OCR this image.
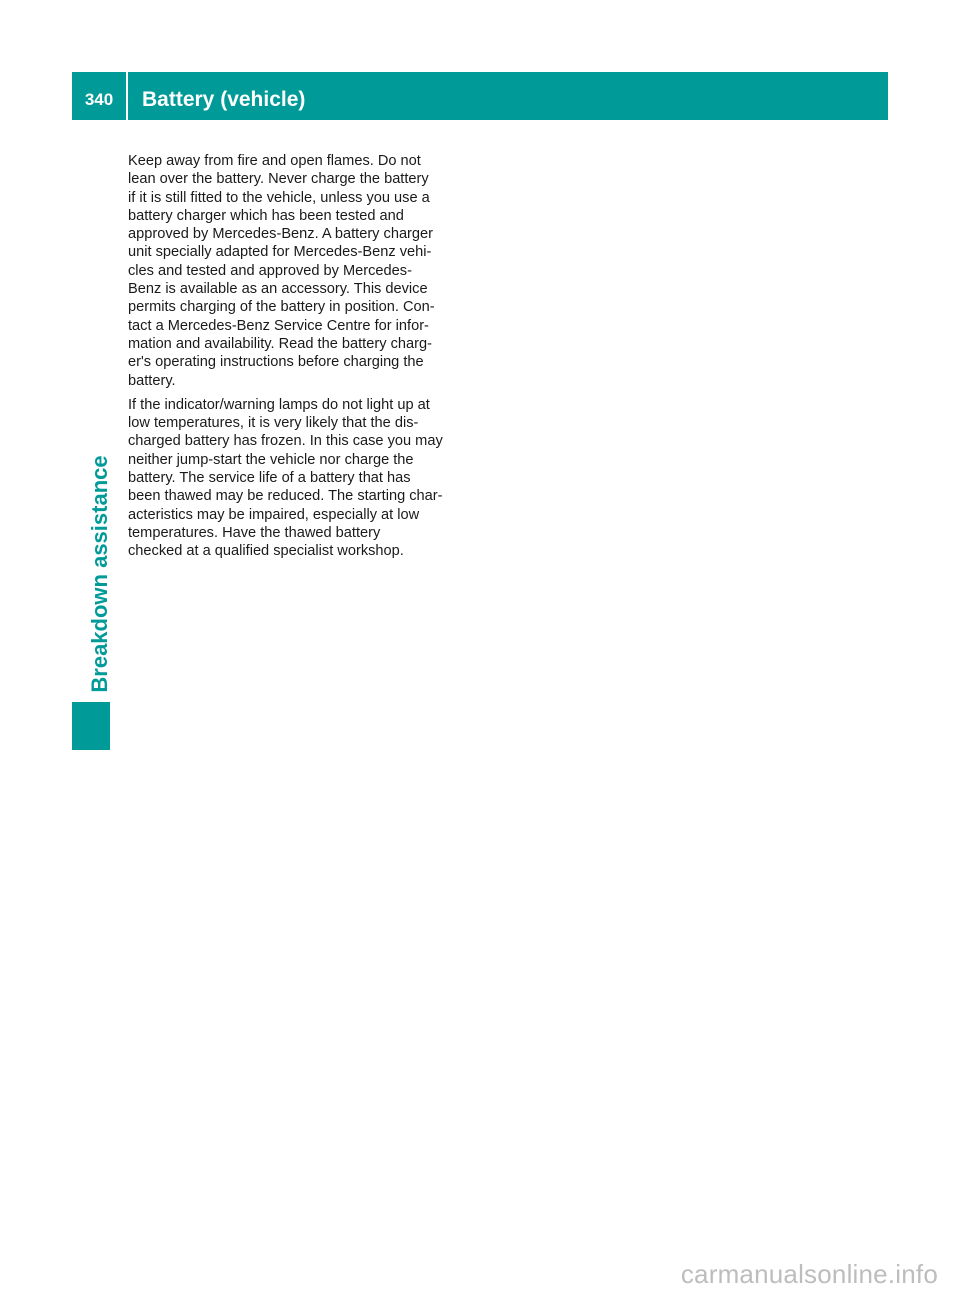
340	Battery (vehicle)
Breakdown assistance
Keep away from fire and open flames. Do not
lean over the battery. Never charge the battery
if it is still fitted to the vehicle, unless you use a
battery charger which has been tested and
approved by Mercedes-Benz. A battery charger
unit specially adapted for Mercedes-Benz vehi-
cles and tested and approved by Mercedes-
Benz is available as an accessory. This device
permits charging of the battery in position. Con-
tact a Mercedes-Benz Service Centre for infor-
mation and availability. Read the battery charg-
er's operating instructions before charging the
battery.
If the indicator/warning lamps do not light up at
low temperatures, it is very likely that the dis-
charged battery has frozen. In this case you may
neither jump-start the vehicle nor charge the
battery. The service life of a battery that has
been thawed may be reduced. The starting char-
acteristics may be impaired, especially at low
temperatures. Have the thawed battery
checked at a qualified specialist workshop.
carmanualsonline.info
